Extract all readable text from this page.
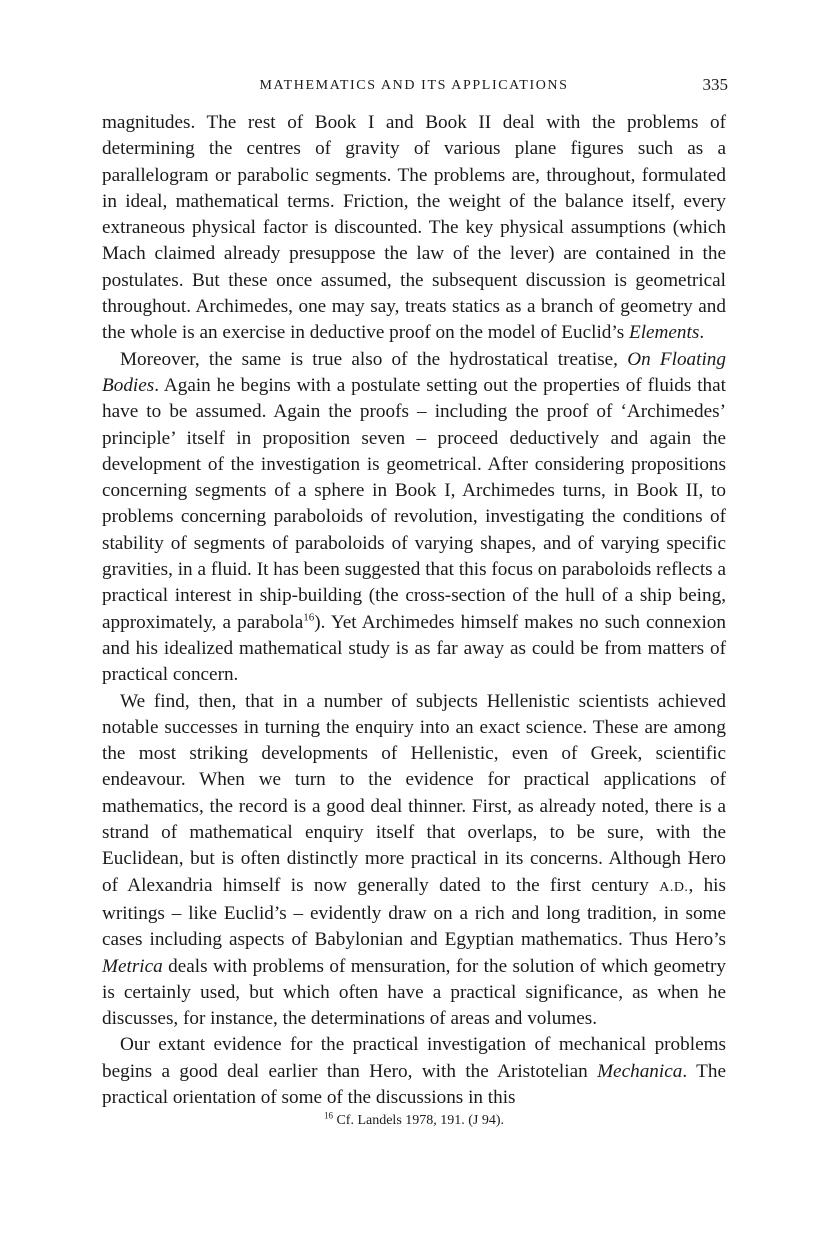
MATHEMATICS AND ITS APPLICATIONS	335

magnitudes. The rest of Book I and Book II deal with the problems of determining the centres of gravity of various plane figures such as a parallelogram or parabolic segments. The problems are, throughout, formulated in ideal, mathematical terms. Friction, the weight of the balance itself, every extraneous physical factor is discounted. The key physical assumptions (which Mach claimed already presuppose the law of the lever) are contained in the postulates. But these once assumed, the subsequent discussion is geometrical throughout. Archimedes, one may say, treats statics as a branch of geometry and the whole is an exercise in deductive proof on the model of Euclid’s Elements.

Moreover, the same is true also of the hydrostatical treatise, On Floating Bodies. Again he begins with a postulate setting out the properties of fluids that have to be assumed. Again the proofs – including the proof of ‘Archimedes’ principle’ itself in proposition seven – proceed deductively and again the development of the investigation is geometrical. After considering propositions concerning segments of a sphere in Book I, Archimedes turns, in Book II, to problems concerning paraboloids of revolution, investigating the conditions of stability of segments of paraboloids of varying shapes, and of varying specific gravities, in a fluid. It has been suggested that this focus on paraboloids reflects a practical interest in ship-building (the cross-section of the hull of a ship being, approximately, a parabola$^{16}$). Yet Archimedes himself makes no such connexion and his idealized mathematical study is as far away as could be from matters of practical concern.

We find, then, that in a number of subjects Hellenistic scientists achieved notable successes in turning the enquiry into an exact science. These are among the most striking developments of Hellenistic, even of Greek, scientific endeavour. When we turn to the evidence for practical applications of mathematics, the record is a good deal thinner. First, as already noted, there is a strand of mathematical enquiry itself that overlaps, to be sure, with the Euclidean, but is often distinctly more practical in its concerns. Although Hero of Alexandria himself is now generally dated to the first century A.D., his writings – like Euclid’s – evidently draw on a rich and long tradition, in some cases including aspects of Babylonian and Egyptian mathematics. Thus Hero’s Metrica deals with problems of mensuration, for the solution of which geometry is certainly used, but which often have a practical significance, as when he discusses, for instance, the determinations of areas and volumes.

Our extant evidence for the practical investigation of mechanical problems begins a good deal earlier than Hero, with the Aristotelian Mechanica. The practical orientation of some of the discussions in this

$^{16}$ Cf. Landels 1978, 191. (J 94).
